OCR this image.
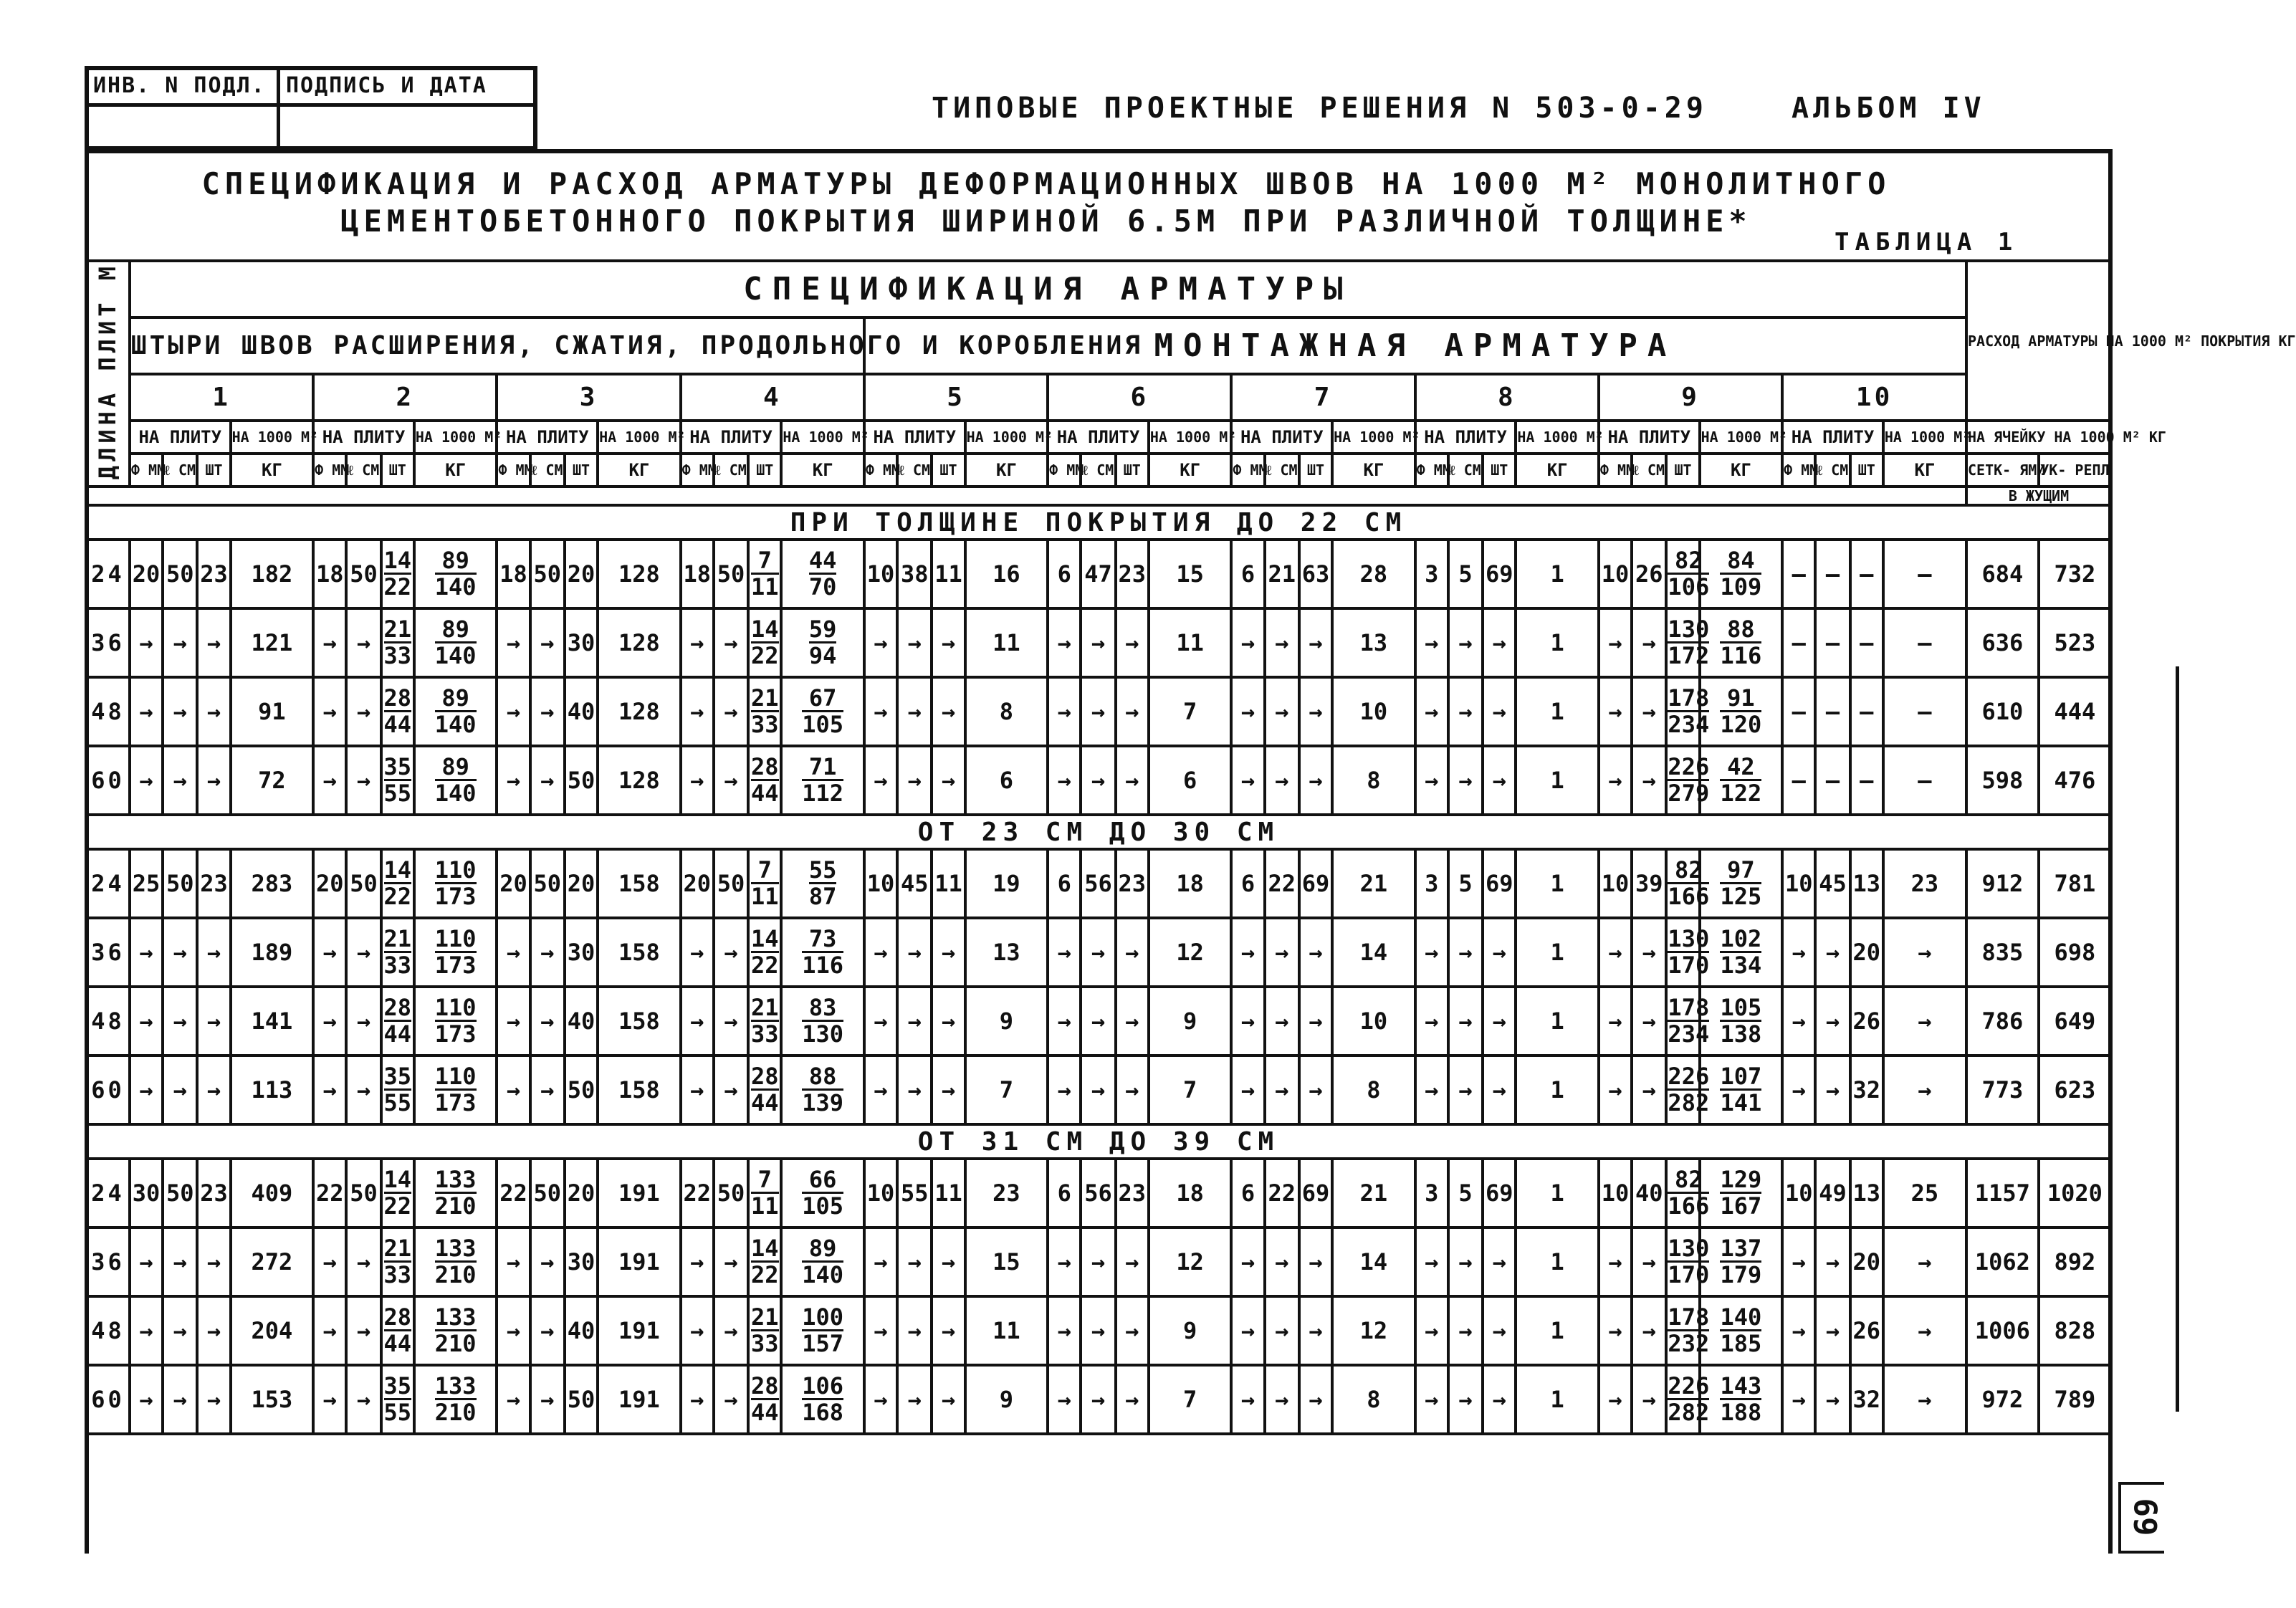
ИНВ. N ПОДЛ. ПОДПИСЬ И ДАТА
ТИПОВЫЕ ПРОЕКТНЫЕ РЕШЕНИЯ N 503-0-29	АЛЬБОМ IV
СПЕЦИФИКАЦИЯ И РАСХОД АРМАТУРЫ ДЕФОРМАЦИОННЫХ ШВОВ НА 1000 М² МОНОЛИТНОГО
ЦЕМЕНТОБЕТОННОГО ПОКРЫТИЯ ШИРИНОЙ 6.5М ПРИ РАЗЛИЧНОЙ ТОЛЩИНЕ*
ТАБЛИЦА 1
ДЛИНА ПЛИТ М	СПЕЦИФИКАЦИЯ АРМАТУРЫ																																								РАСХОД АРМАТУРЫ НА 1000 М² ПОКРЫТИЯ КГ	
	ШТЫРИ ШВОВ РАСШИРЕНИЯ, СЖАТИЯ, ПРОДОЛЬНОГО И КОРОБЛЕНИЯ																МОНТАЖНАЯ АРМАТУРА																									
	1				2				3				4				5				6				7				8				9				10					
	НА ПЛИТУ			НА 1000 М²	НА ПЛИТУ			НА 1000 М²	НА ПЛИТУ			НА 1000 М²	НА ПЛИТУ			НА 1000 М²	НА ПЛИТУ			НА 1000 М²	НА ПЛИТУ			НА 1000 М²	НА ПЛИТУ			НА 1000 М²	НА ПЛИТУ			НА 1000 М²	НА ПЛИТУ			НА 1000 М²	НА ПЛИТУ			НА 1000 М²	НА ЯЧЕЙКУ НА 1000 М² КГ	
	Ф ММ	ℓ СМ	ШТ	КГ	Ф ММ	ℓ СМ	ШТ	КГ	Ф ММ	ℓ СМ	ШТ	КГ	Ф ММ	ℓ СМ	ШТ	КГ	Ф ММ	ℓ СМ	ШТ	КГ	Ф ММ	ℓ СМ	ШТ	КГ	Ф ММ	ℓ СМ	ШТ	КГ	Ф ММ	ℓ СМ	ШТ	КГ	Ф ММ	ℓ СМ	ШТ	КГ	Ф ММ	ℓ СМ	ШТ	КГ	СЕТК- ЯМИ	УК- РЕПЛ
																																									В ЖУЩИМ	
ПРИ ТОЛЩИНЕ ПОКРЫТИЯ ДО 22 СМ																																										
24	20	50	23	182	18	50	$\frac{14}{22}$	$\frac{89}{140}$	18	50	20	128	18	50	$\frac{7}{11}$	$\frac{44}{70}$	10	38	11	16	6	47	23	15	6	21	63	28	3	5	69	1	10	26	$\frac{82}{106}$	$\frac{84}{109}$	–	–	–	–	684	732
36	→	→	→	121	→	→	$\frac{21}{33}$	$\frac{89}{140}$	→	→	30	128	→	→	$\frac{14}{22}$	$\frac{59}{94}$	→	→	→	11	→	→	→	11	→	→	→	13	→	→	→	1	→	→	$\frac{130}{172}$	$\frac{88}{116}$	–	–	–	–	636	523
48	→	→	→	91	→	→	$\frac{28}{44}$	$\frac{89}{140}$	→	→	40	128	→	→	$\frac{21}{33}$	$\frac{67}{105}$	→	→	→	8	→	→	→	7	→	→	→	10	→	→	→	1	→	→	$\frac{178}{234}$	$\frac{91}{120}$	–	–	–	–	610	444
60	→	→	→	72	→	→	$\frac{35}{55}$	$\frac{89}{140}$	→	→	50	128	→	→	$\frac{28}{44}$	$\frac{71}{112}$	→	→	→	6	→	→	→	6	→	→	→	8	→	→	→	1	→	→	$\frac{226}{279}$	$\frac{42}{122}$	–	–	–	–	598	476
ОТ 23 СМ ДО 30 СМ																																										
24	25	50	23	283	20	50	$\frac{14}{22}$	$\frac{110}{173}$	20	50	20	158	20	50	$\frac{7}{11}$	$\frac{55}{87}$	10	45	11	19	6	56	23	18	6	22	69	21	3	5	69	1	10	39	$\frac{82}{166}$	$\frac{97}{125}$	10	45	13	23	912	781
36	→	→	→	189	→	→	$\frac{21}{33}$	$\frac{110}{173}$	→	→	30	158	→	→	$\frac{14}{22}$	$\frac{73}{116}$	→	→	→	13	→	→	→	12	→	→	→	14	→	→	→	1	→	→	$\frac{130}{170}$	$\frac{102}{134}$	→	→	20	→	835	698
48	→	→	→	141	→	→	$\frac{28}{44}$	$\frac{110}{173}$	→	→	40	158	→	→	$\frac{21}{33}$	$\frac{83}{130}$	→	→	→	9	→	→	→	9	→	→	→	10	→	→	→	1	→	→	$\frac{178}{234}$	$\frac{105}{138}$	→	→	26	→	786	649
60	→	→	→	113	→	→	$\frac{35}{55}$	$\frac{110}{173}$	→	→	50	158	→	→	$\frac{28}{44}$	$\frac{88}{139}$	→	→	→	7	→	→	→	7	→	→	→	8	→	→	→	1	→	→	$\frac{226}{282}$	$\frac{107}{141}$	→	→	32	→	773	623
ОТ 31 СМ ДО 39 СМ																																										
24	30	50	23	409	22	50	$\frac{14}{22}$	$\frac{133}{210}$	22	50	20	191	22	50	$\frac{7}{11}$	$\frac{66}{105}$	10	55	11	23	6	56	23	18	6	22	69	21	3	5	69	1	10	40	$\frac{82}{166}$	$\frac{129}{167}$	10	49	13	25	1157	1020
36	→	→	→	272	→	→	$\frac{21}{33}$	$\frac{133}{210}$	→	→	30	191	→	→	$\frac{14}{22}$	$\frac{89}{140}$	→	→	→	15	→	→	→	12	→	→	→	14	→	→	→	1	→	→	$\frac{130}{170}$	$\frac{137}{179}$	→	→	20	→	1062	892
48	→	→	→	204	→	→	$\frac{28}{44}$	$\frac{133}{210}$	→	→	40	191	→	→	$\frac{21}{33}$	$\frac{100}{157}$	→	→	→	11	→	→	→	9	→	→	→	12	→	→	→	1	→	→	$\frac{178}{232}$	$\frac{140}{185}$	→	→	26	→	1006	828
60	→	→	→	153	→	→	$\frac{35}{55}$	$\frac{133}{210}$	→	→	50	191	→	→	$\frac{28}{44}$	$\frac{106}{168}$	→	→	→	9	→	→	→	7	→	→	→	8	→	→	→	1	→	→	$\frac{226}{282}$	$\frac{143}{188}$	→	→	32	→	972	789
69
